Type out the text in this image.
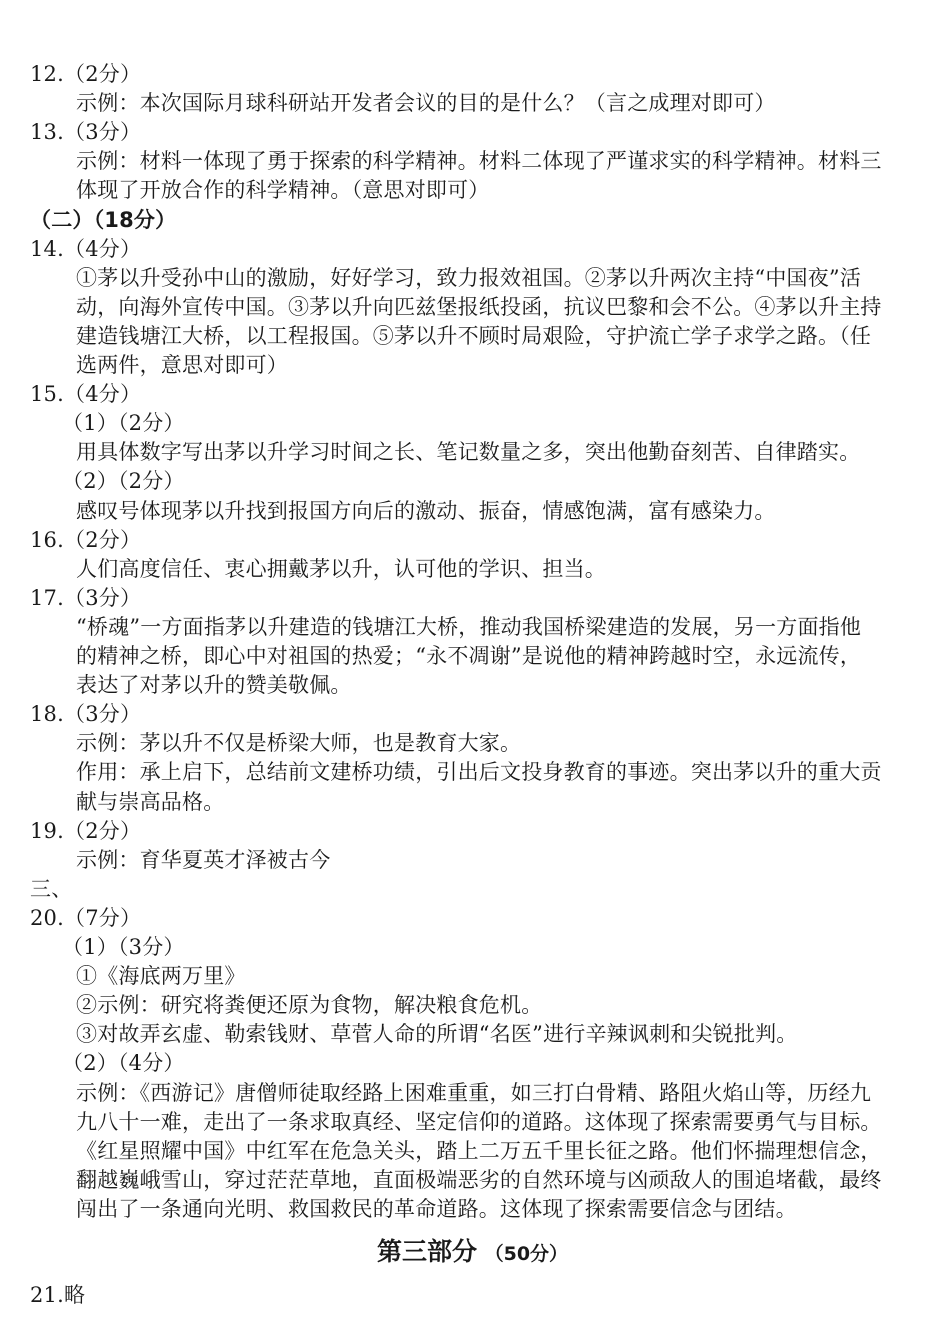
12.（2分）
示例：本次国际月球科研站开发者会议的目的是什么？（言之成理对即可）
13.（3分）
示例：材料一体现了勇于探索的科学精神。材料二体现了严谨求实的科学精神。材料三
体现了开放合作的科学精神。（意思对即可）
（二）（18分）
14.（4分）
①茅以升受孙中山的激励，好好学习，致力报效祖国。②茅以升两次主持“中国夜”活
动，向海外宣传中国。③茅以升向匹兹堡报纸投函，抗议巴黎和会不公。④茅以升主持
建造钱塘江大桥，以工程报国。⑤茅以升不顾时局艰险，守护流亡学子求学之路。（任
选两件，意思对即可）
15.（4分）
（1）（2分）
用具体数字写出茅以升学习时间之长、笔记数量之多，突出他勤奋刻苦、自律踏实。
（2）（2分）
感叹号体现茅以升找到报国方向后的激动、振奋，情感饱满，富有感染力。
16.（2分）
人们高度信任、衷心拥戴茅以升，认可他的学识、担当。
17.（3分）
“桥魂”一方面指茅以升建造的钱塘江大桥，推动我国桥梁建造的发展，另一方面指他
的精神之桥，即心中对祖国的热爱；“永不凋谢”是说他的精神跨越时空，永远流传，
表达了对茅以升的赞美敬佩。
18.（3分）
示例：茅以升不仅是桥梁大师，也是教育大家。
作用：承上启下，总结前文建桥功绩，引出后文投身教育的事迹。突出茅以升的重大贡
献与崇高品格。
19.（2分）
示例：育华夏英才泽被古今
三、
20.（7分）
（1）（3分）
①《海底两万里》
②示例：研究将粪便还原为食物，解决粮食危机。
③对故弄玄虚、勒索钱财、草菅人命的所谓“名医”进行辛辣讽刺和尖锐批判。
（2）（4分）
示例：《西游记》唐僧师徒取经路上困难重重，如三打白骨精、路阻火焰山等，历经九
九八十一难，走出了一条求取真经、坚定信仰的道路。这体现了探索需要勇气与目标。
《红星照耀中国》中红军在危急关头，踏上二万五千里长征之路。他们怀揣理想信念，
翻越巍峨雪山，穿过茫茫草地，直面极端恶劣的自然环境与凶顽敌人的围追堵截，最终
闯出了一条通向光明、救国救民的革命道路。这体现了探索需要信念与团结。
第三部分 （50分）
21.略
